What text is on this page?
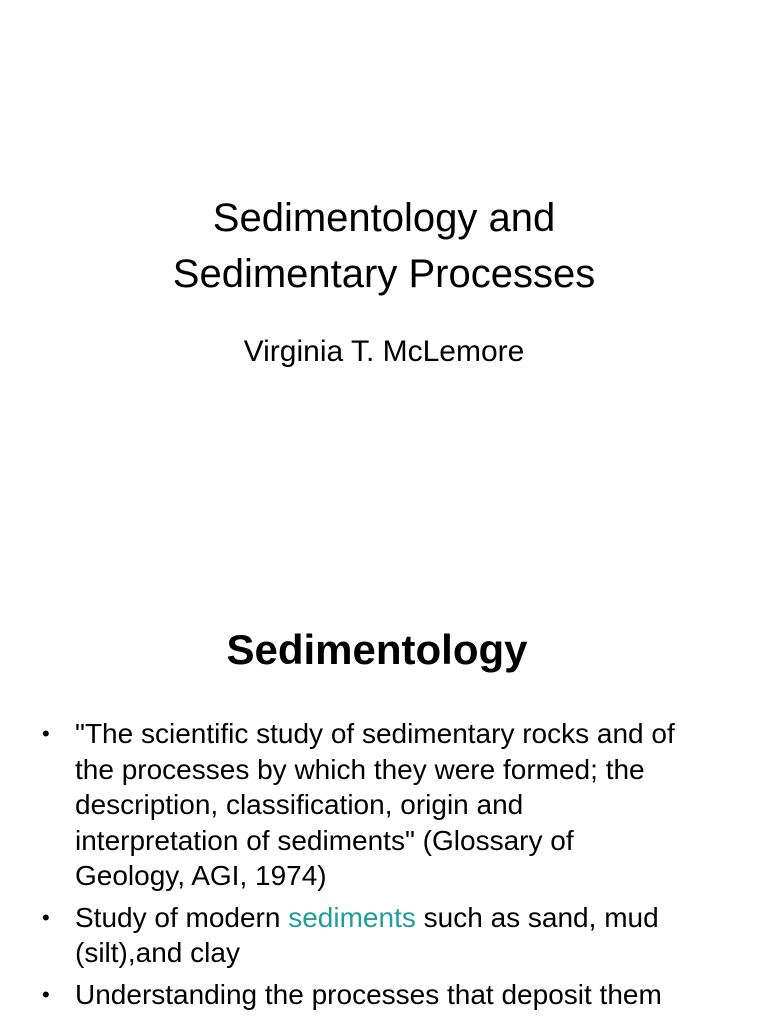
Sedimentology and
Sedimentary Processes
Virginia T. McLemore
Sedimentology
• "The scientific study of sedimentary rocks and of
the processes by which they were formed; the
description, classification, origin and
interpretation of sediments" (Glossary of
Geology, AGI, 1974)
• Study of modern sediments such as sand, mud
(silt),and clay
• Understanding the processes that deposit them
